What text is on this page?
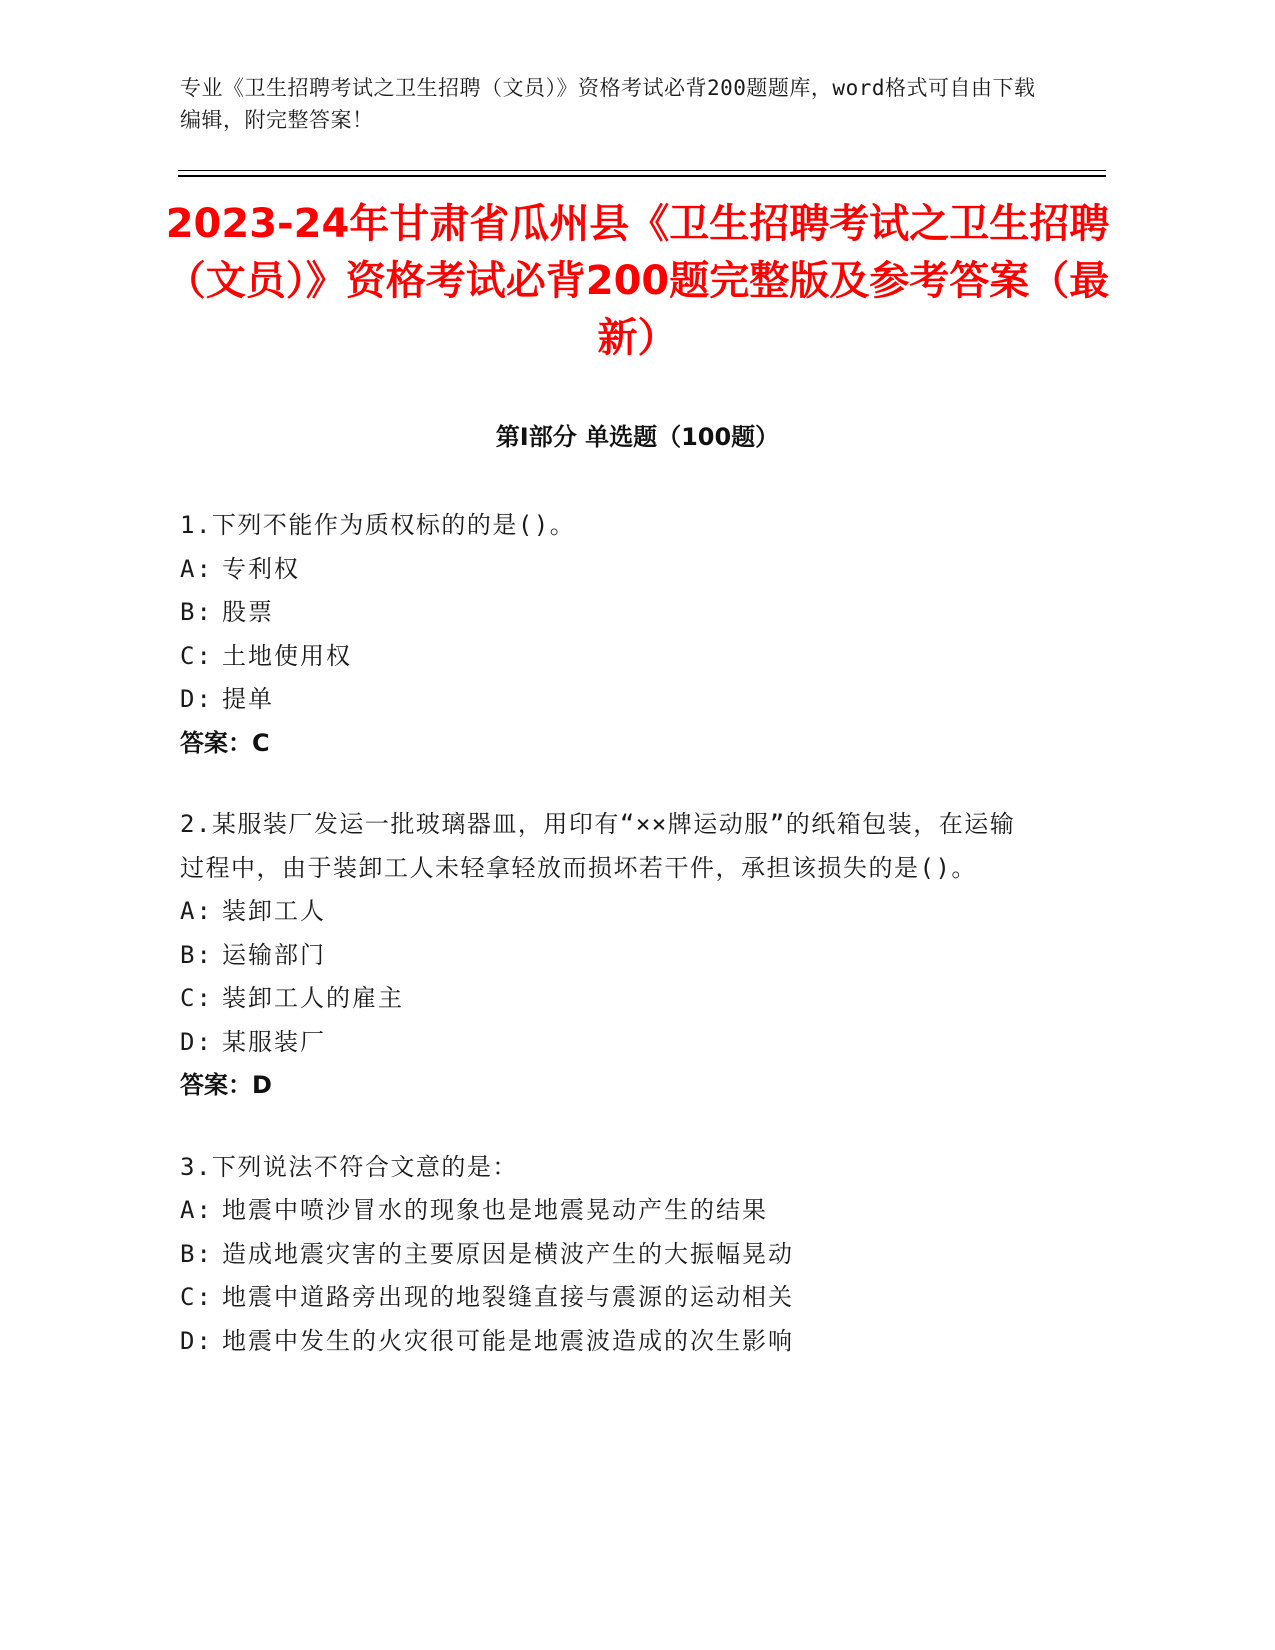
专业《卫生招聘考试之卫生招聘（文员）》资格考试必背200题题库，word格式可自由下载编辑，附完整答案！
2023-24年甘肃省瓜州县《卫生招聘考试之卫生招聘（文员）》资格考试必背200题完整版及参考答案（最新）
第Ⅰ部分 单选题（100题）
1.下列不能作为质权标的的是()。
A: 专利权
B: 股票
C: 土地使用权
D: 提单
答案：C
2.某服装厂发运一批玻璃器皿，用印有“××牌运动服”的纸箱包装，在运输过程中，由于装卸工人未轻拿轻放而损坏若干件，承担该损失的是()。
A: 装卸工人
B: 运输部门
C: 装卸工人的雇主
D: 某服装厂
答案：D
3.下列说法不符合文意的是：
A: 地震中喷沙冒水的现象也是地震晃动产生的结果
B: 造成地震灾害的主要原因是横波产生的大振幅晃动
C: 地震中道路旁出现的地裂缝直接与震源的运动相关
D: 地震中发生的火灾很可能是地震波造成的次生影响
